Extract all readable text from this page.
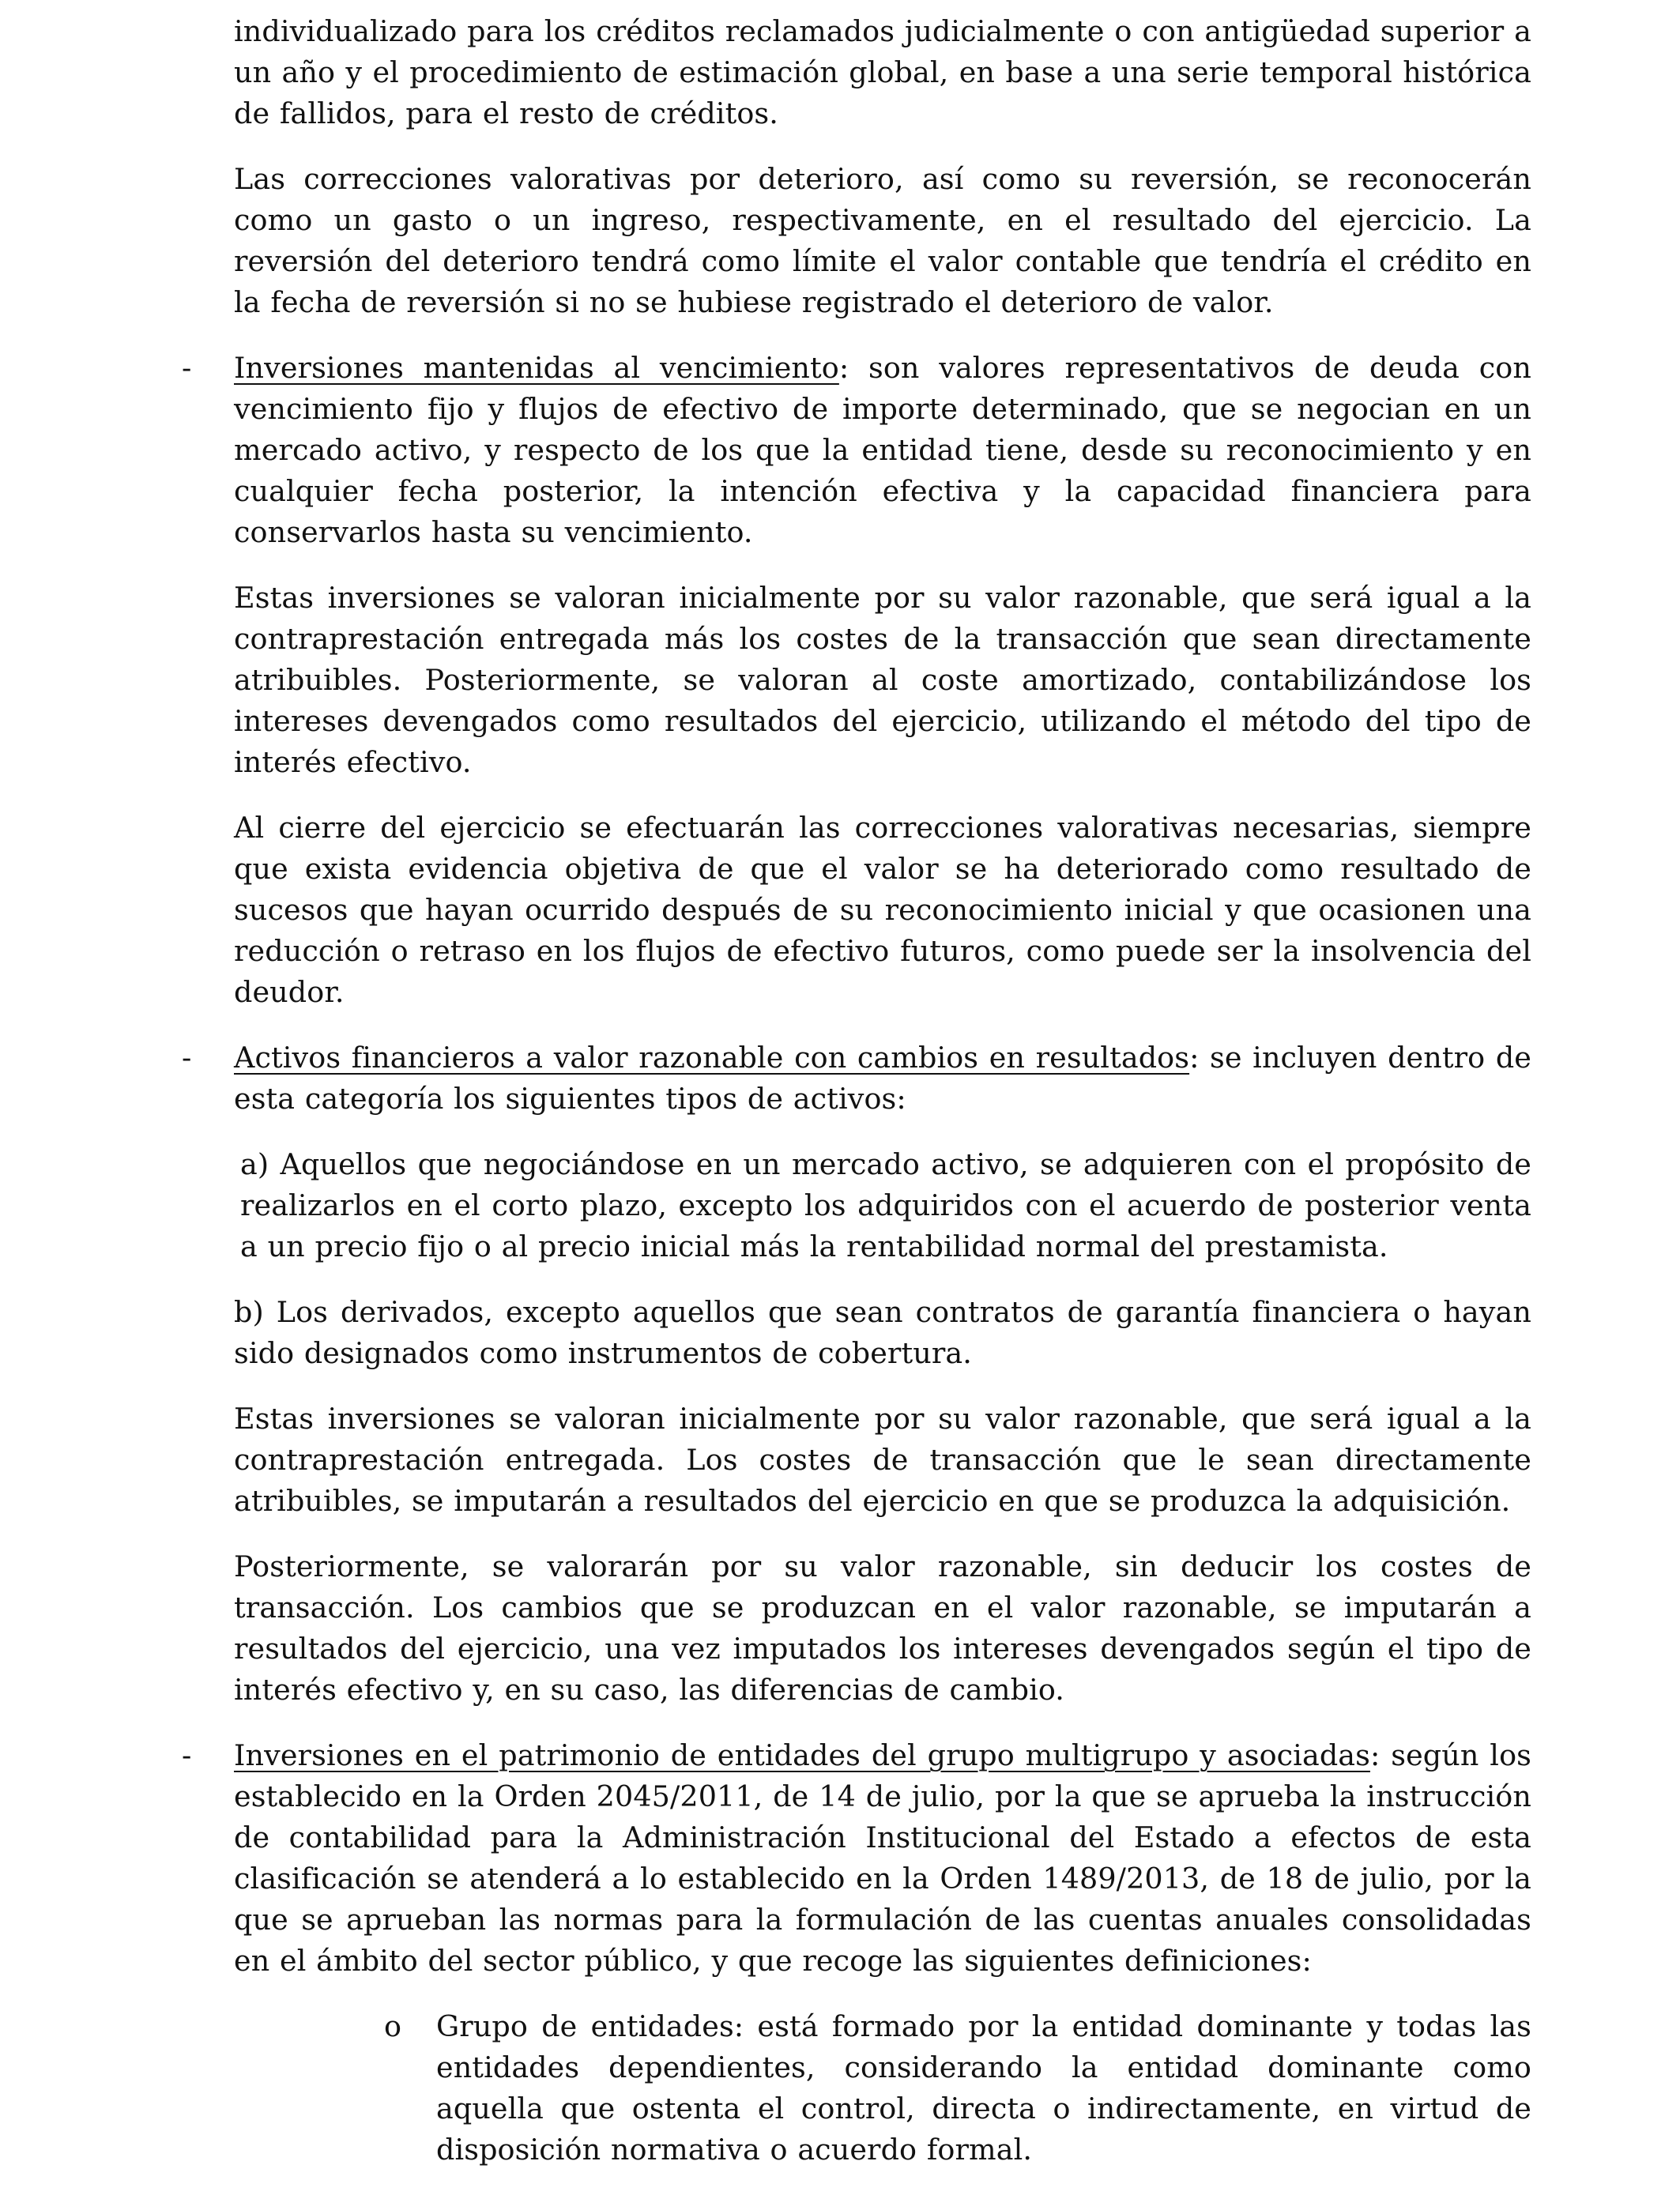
individualizado para los créditos reclamados judicialmente o con antigüedad superior a un año y el procedimiento de estimación global, en base a una serie temporal histórica de fallidos, para el resto de créditos.

Las correcciones valorativas por deterioro, así como su reversión, se reconocerán como un gasto o un ingreso, respectivamente, en el resultado del ejercicio. La reversión del deterioro tendrá como límite el valor contable que tendría el crédito en la fecha de reversión si no se hubiese registrado el deterioro de valor.

- Inversiones mantenidas al vencimiento: son valores representativos de deuda con vencimiento fijo y flujos de efectivo de importe determinado, que se negocian en un mercado activo, y respecto de los que la entidad tiene, desde su reconocimiento y en cualquier fecha posterior, la intención efectiva y la capacidad financiera para conservarlos hasta su vencimiento.

Estas inversiones se valoran inicialmente por su valor razonable, que será igual a la contraprestación entregada más los costes de la transacción que sean directamente atribuibles. Posteriormente, se valoran al coste amortizado, contabilizándose los intereses devengados como resultados del ejercicio, utilizando el método del tipo de interés efectivo.

Al cierre del ejercicio se efectuarán las correcciones valorativas necesarias, siempre que exista evidencia objetiva de que el valor se ha deteriorado como resultado de sucesos que hayan ocurrido después de su reconocimiento inicial y que ocasionen una reducción o retraso en los flujos de efectivo futuros, como puede ser la insolvencia del deudor.

- Activos financieros a valor razonable con cambios en resultados: se incluyen dentro de esta categoría los siguientes tipos de activos:

a) Aquellos que negociándose en un mercado activo, se adquieren con el propósito de realizarlos en el corto plazo, excepto los adquiridos con el acuerdo de posterior venta a un precio fijo o al precio inicial más la rentabilidad normal del prestamista.

b) Los derivados, excepto aquellos que sean contratos de garantía financiera o hayan sido designados como instrumentos de cobertura.

Estas inversiones se valoran inicialmente por su valor razonable, que será igual a la contraprestación entregada. Los costes de transacción que le sean directamente atribuibles, se imputarán a resultados del ejercicio en que se produzca la adquisición.

Posteriormente, se valorarán por su valor razonable, sin deducir los costes de transacción. Los cambios que se produzcan en el valor razonable, se imputarán a resultados del ejercicio, una vez imputados los intereses devengados según el tipo de interés efectivo y, en su caso, las diferencias de cambio.

- Inversiones en el patrimonio de entidades del grupo multigrupo y asociadas: según los establecido en la Orden 2045/2011, de 14 de julio, por la que se aprueba la instrucción de contabilidad para la Administración Institucional del Estado a efectos de esta clasificación se atenderá a lo establecido en la Orden 1489/2013, de 18 de julio, por la que se aprueban las normas para la formulación de las cuentas anuales consolidadas en el ámbito del sector público, y que recoge las siguientes definiciones:

o Grupo de entidades: está formado por la entidad dominante y todas las entidades dependientes, considerando la entidad dominante como aquella que ostenta el control, directa o indirectamente, en virtud de disposición normativa o acuerdo formal.
